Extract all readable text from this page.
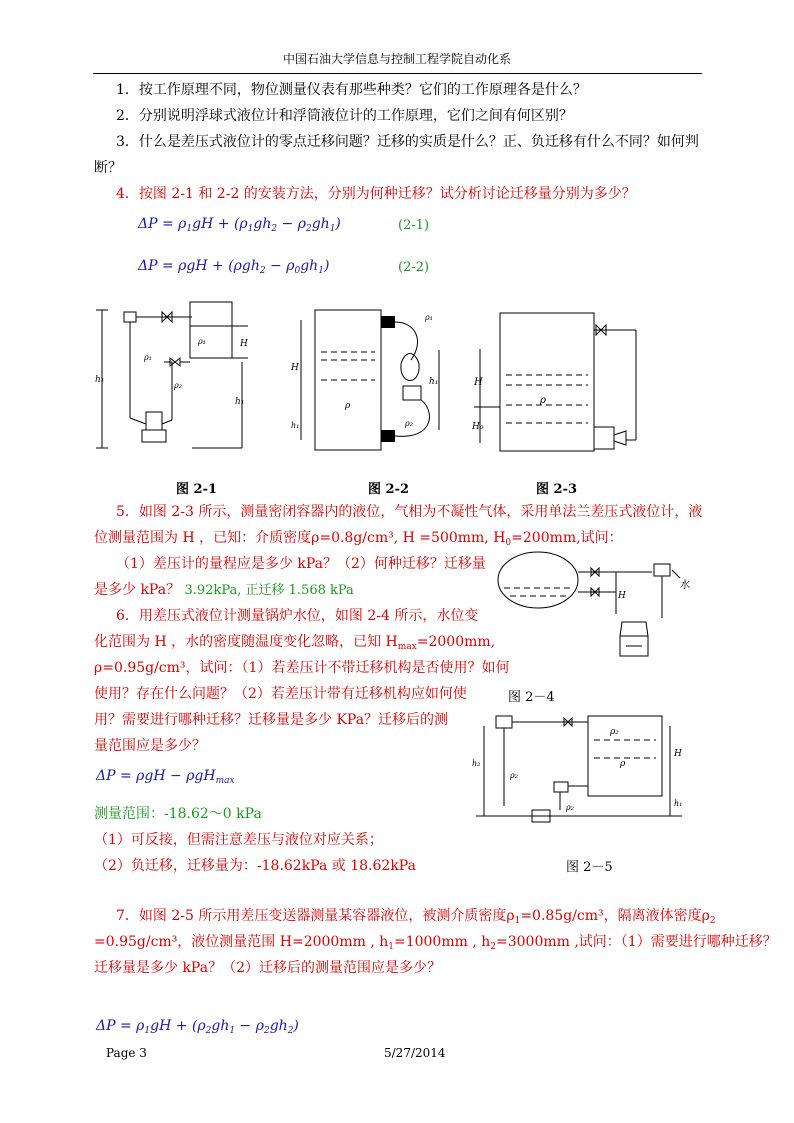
中国石油大学信息与控制工程学院自动化系
1．按工作原理不同，物位测量仪表有那些种类？它们的工作原理各是什么？
2．分别说明浮球式液位计和浮筒液位计的工作原理，它们之间有何区别？
3．什么是差压式液位计的零点迁移问题？迁移的实质是什么？正、负迁移有什么不同？如何判
断？
4．按图 2-1 和 2-2 的安装方法，分别为何种迁移？试分析讨论迁移量分别为多少？
$\Delta P = \rho_1gH + (\rho_1gh_2 - \rho_2gh_1)$	(2-1)
$\Delta P = \rho gH + (\rho gh_2 - \rho_0gh_1)$	(2-2)
h₁
ρ₁	H
ρ₁
ρ₂
h₁
图 2-1
ρ
H
h₁
h₁
ρ₁
ρ₂
图 2-2
ρ
H
H₀
图 2-3
5．如图 2-3 所示，测量密闭容器内的液位，气相为不凝性气体，采用单法兰差压式液位计，液
位测量范围为 H ，已知：介质密度ρ=0.8g/cm³, H =500mm, $H_0=200mm$,试问：
（1）差压计的量程应是多少 kPa？（2）何种迁移？迁移量
是多少 kPa？ 3.92kPa, 正迁移 1.568 kPa	H
水
图 2－4
6．用差压式液位计测量锅炉水位，如图 2-4 所示，水位变
化范围为 H ，水的密度随温度变化忽略，已知 $H_{max}=2000mm$,
ρ=0.95g/cm³，试问：（1）若差压计不带迁移机构是否使用？如何
使用？存在什么问题？（2）若差压计带有迁移机构应如何使
用？需要进行哪种迁移？迁移量是多少 KPa？迁移后的测
量范围应是多少？
ΔP = ρgH − ρgH$_{max}$
测量范围：-18.62～0 kPa
（1）可反接，但需注意差压与液位对应关系；
（2）负迁移，迁移量为：-18.62kPa 或 18.62kPa
ρ₂
ρ
h₂
ρ₂
ρ₂
H
h₁
图 2－5
7．如图 2-5 所示用差压变送器测量某容器液位，被测介质密度$\rho_1=0.85g$/cm³，隔离液体密度$\rho_2$
=0.95g/cm³，液位测量范围 H=2000mm , $h_1=1000mm$ , $h_2=3000mm$ ,试问：（1）需要进行哪种迁移？
迁移量是多少 kPa？（2）迁移后的测量范围应是多少？
$\Delta P = \rho_1gH + (\rho_2gh_1 - \rho_2gh_2)$
Page 3	5/27/2014
